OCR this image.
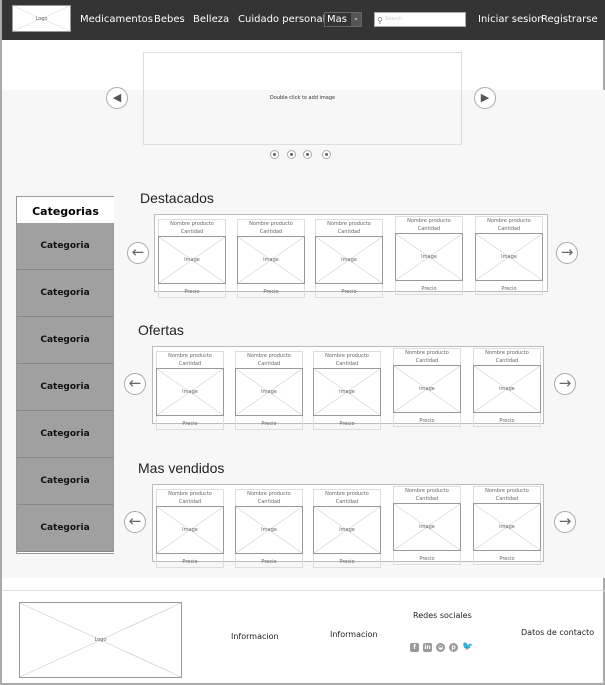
Logo	Medicamentos Bebes Belleza Cuidado personal Mas	▾	⚲ Search	Iniciar sesion
Registrarse
Double click to add image
◀	▶
Categorias
Categoria
Categoria
Categoria
Categoria
Categoria
Categoria
Categoria
Destacados
←	→
Nombre producto
Cantidad
Image
Precio
Nombre producto
Cantidad
Image
Precio
Nombre producto
Cantidad
Image
Precio
Nombre producto
Cantidad
Image
Precio
Nombre producto
Cantidad
Image
Precio
Ofertas
←	→
Nombre producto
Cantidad
Image
Precio
Nombre producto
Cantidad
Image
Precio
Nombre producto
Cantidad
Image
Precio
Nombre producto
Cantidad
Image
Precio
Nombre producto
Cantidad
Image
Precio
Mas vendidos
←	→
Nombre producto
Cantidad
Image
Precio
Nombre producto
Cantidad
Image
Precio
Nombre producto
Cantidad
Image
Precio
Nombre producto
Cantidad
Image
Precio
Nombre producto
Cantidad
Image
Precio
Logo	Informacion	Informacion
Redes sociales
f in ◒ p 🐦
Datos de contacto
